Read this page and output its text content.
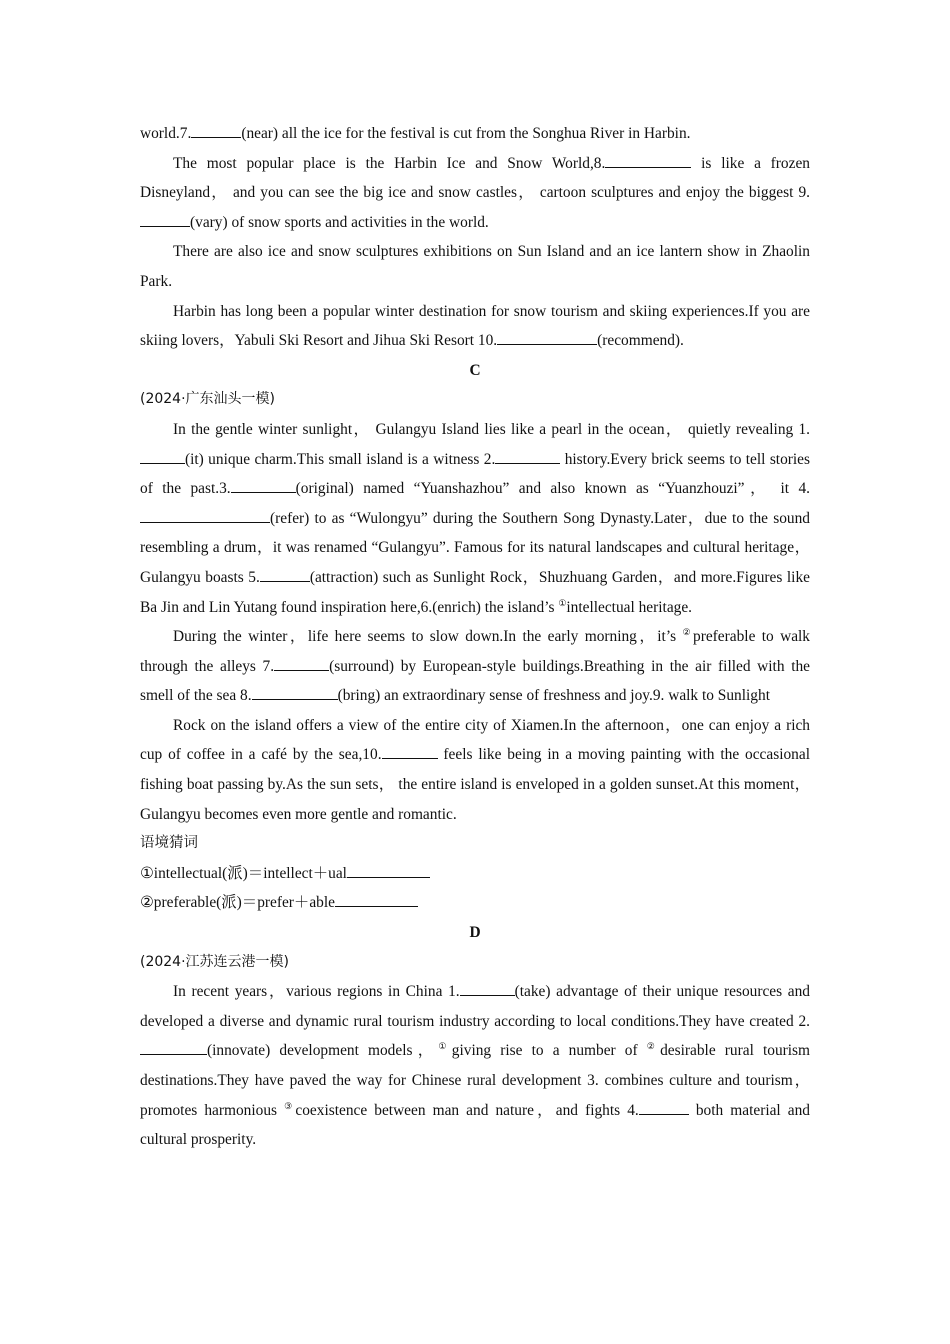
world.7.	(near) all the ice for the festival is cut from the Songhua River in Harbin.

The most popular place is the Harbin Ice and Snow World,8.	is like a frozen Disneyland， and you can see the big ice and snow castles， cartoon sculptures and enjoy the biggest 9.(vary) of snow sports and activities in the world.

There are also ice and snow sculptures exhibitions on Sun Island and an ice lantern show in Zhaolin Park.

Harbin has long been a popular winter destination for snow tourism and skiing experiences.If you are skiing lovers，Yabuli Ski Resort and Jihua Ski Resort 10.	(recommend).

C

(2024·广东汕头一模)

In the gentle winter sunlight， Gulangyu Island lies like a pearl in the ocean， quietly revealing 1.(it) unique charm.This small island is a witness 2.	history.Every brick seems to tell stories of the past.3.	(original) named “Yuanshazhou” and also known as “Yuanzhouzi”， it 4.(refer) to as “Wulongyu” during the Southern Song Dynasty.Later，due to the sound resembling a drum，it was renamed “Gulangyu”. Famous for its natural landscapes and cultural heritage，Gulangyu boasts 5.	(attraction) such as Sunlight Rock，Shuzhuang Garden，and more.Figures like Ba Jin and Lin Yutang found inspiration here,6.(enrich) the island’s ①intellectual heritage.

During the winter，life here seems to slow down.In the early morning，it’s ②preferable to walk through the alleys 7.	(surround) by European-style buildings.Breathing in the air filled with the smell of the sea 8.	(bring) an extraordinary sense of freshness and joy.9. walk to Sunlight

Rock on the island offers a view of the entire city of Xiamen.In the afternoon，one can enjoy a rich cup of coffee in a café by the sea,10.	feels like being in a moving painting with the occasional fishing boat passing by.As the sun sets， the entire island is enveloped in a golden sunset.At this moment，Gulangyu becomes even more gentle and romantic.

语境猜词

①intellectual(派)＝intellect＋ual

②preferable(派)＝prefer＋able

D

(2024·江苏连云港一模)

In recent years，various regions in China 1.	(take) advantage of their unique resources and developed a diverse and dynamic rural tourism industry according to local conditions.They have created 2.(innovate) development models，①giving rise to a number of ②desirable rural tourism destinations.They have paved the way for Chinese rural development 3. combines culture and tourism，promotes harmonious ③coexistence between man and nature，and fights 4.	both material and cultural prosperity.
